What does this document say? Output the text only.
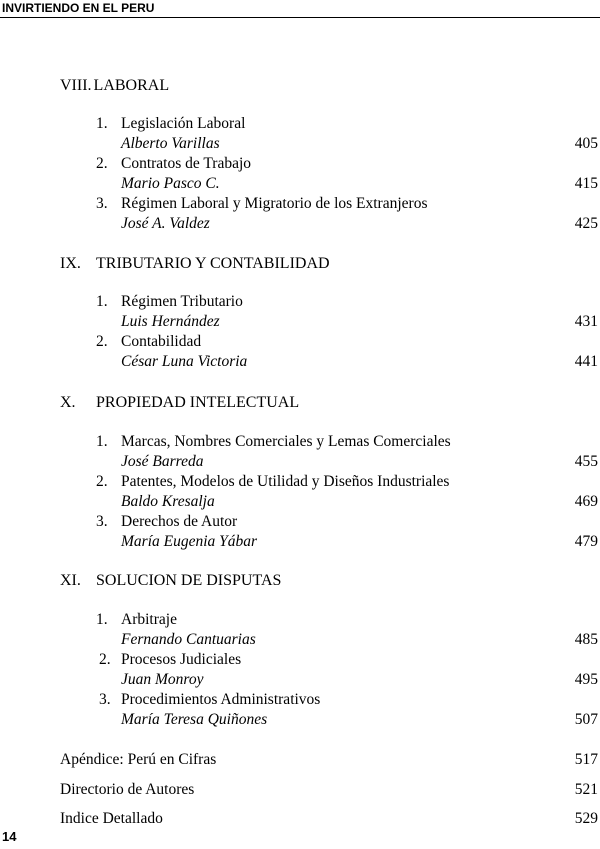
INVIRTIENDO EN EL PERU
VIII. LABORAL
1. Legislación Laboral
Alberto Varillas	405
2. Contratos de Trabajo
Mario Pasco C.	415
3. Régimen Laboral y Migratorio de los Extranjeros
José A. Valdez	425
IX. TRIBUTARIO Y CONTABILIDAD
1. Régimen Tributario
Luis Hernández	431
2. Contabilidad
César Luna Victoria	441
X. PROPIEDAD INTELECTUAL
1. Marcas, Nombres Comerciales y Lemas Comerciales
José Barreda	455
2. Patentes, Modelos de Utilidad y Diseños Industriales
Baldo Kresalja	469
3. Derechos de Autor
María Eugenia Yábar	479
XI. SOLUCION DE DISPUTAS
1. Arbitraje
Fernando Cantuarias	485
2. Procesos Judiciales
Juan Monroy	495
3. Procedimientos Administrativos
María Teresa Quiñones	507
Apéndice: Perú en Cifras	517
Directorio de Autores	521
Indice Detallado	529
14
